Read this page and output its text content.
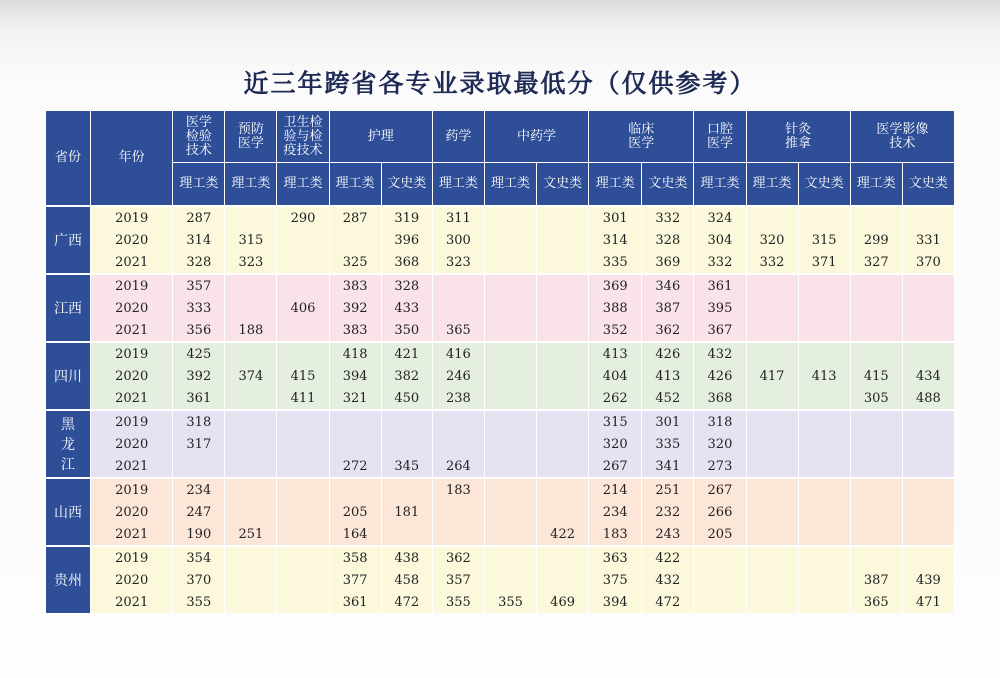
近三年跨省各专业录取最低分（仅供参考）
省份	年份	医学
检验
技术	预防
医学	卫生检
验与检
疫技术	护理		药学	中药学		临床
医学		口腔
医学	针灸
推拿		医学影像
技术	
		理工类	理工类	理工类	理工类	文史类	理工类	理工类	文史类	理工类	文史类	理工类	理工类	文史类	理工类	文史类
广西	2019	287		290	287	319	311			301	332	324				
	2020	314	315			396	300			314	328	304	320	315	299	331
	2021	328	323		325	368	323			335	369	332	332	371	327	370
江西	2019	357			383	328				369	346	361				
	2020	333		406	392	433				388	387	395				
	2021	356	188		383	350	365			352	362	367				
四川	2019	425			418	421	416			413	426	432				
	2020	392	374	415	394	382	246			404	413	426	417	413	415	434
	2021	361		411	321	450	238			262	452	368			305	488
黑
龙
江	2019	318								315	301	318				
	2020	317								320	335	320				
	2021				272	345	264			267	341	273				
山西	2019	234					183			214	251	267				
	2020	247			205	181				234	232	266				
	2021	190	251		164				422	183	243	205				
贵州	2019	354			358	438	362			363	422					
	2020	370			377	458	357			375	432				387	439
	2021	355			361	472	355	355	469	394	472				365	471
